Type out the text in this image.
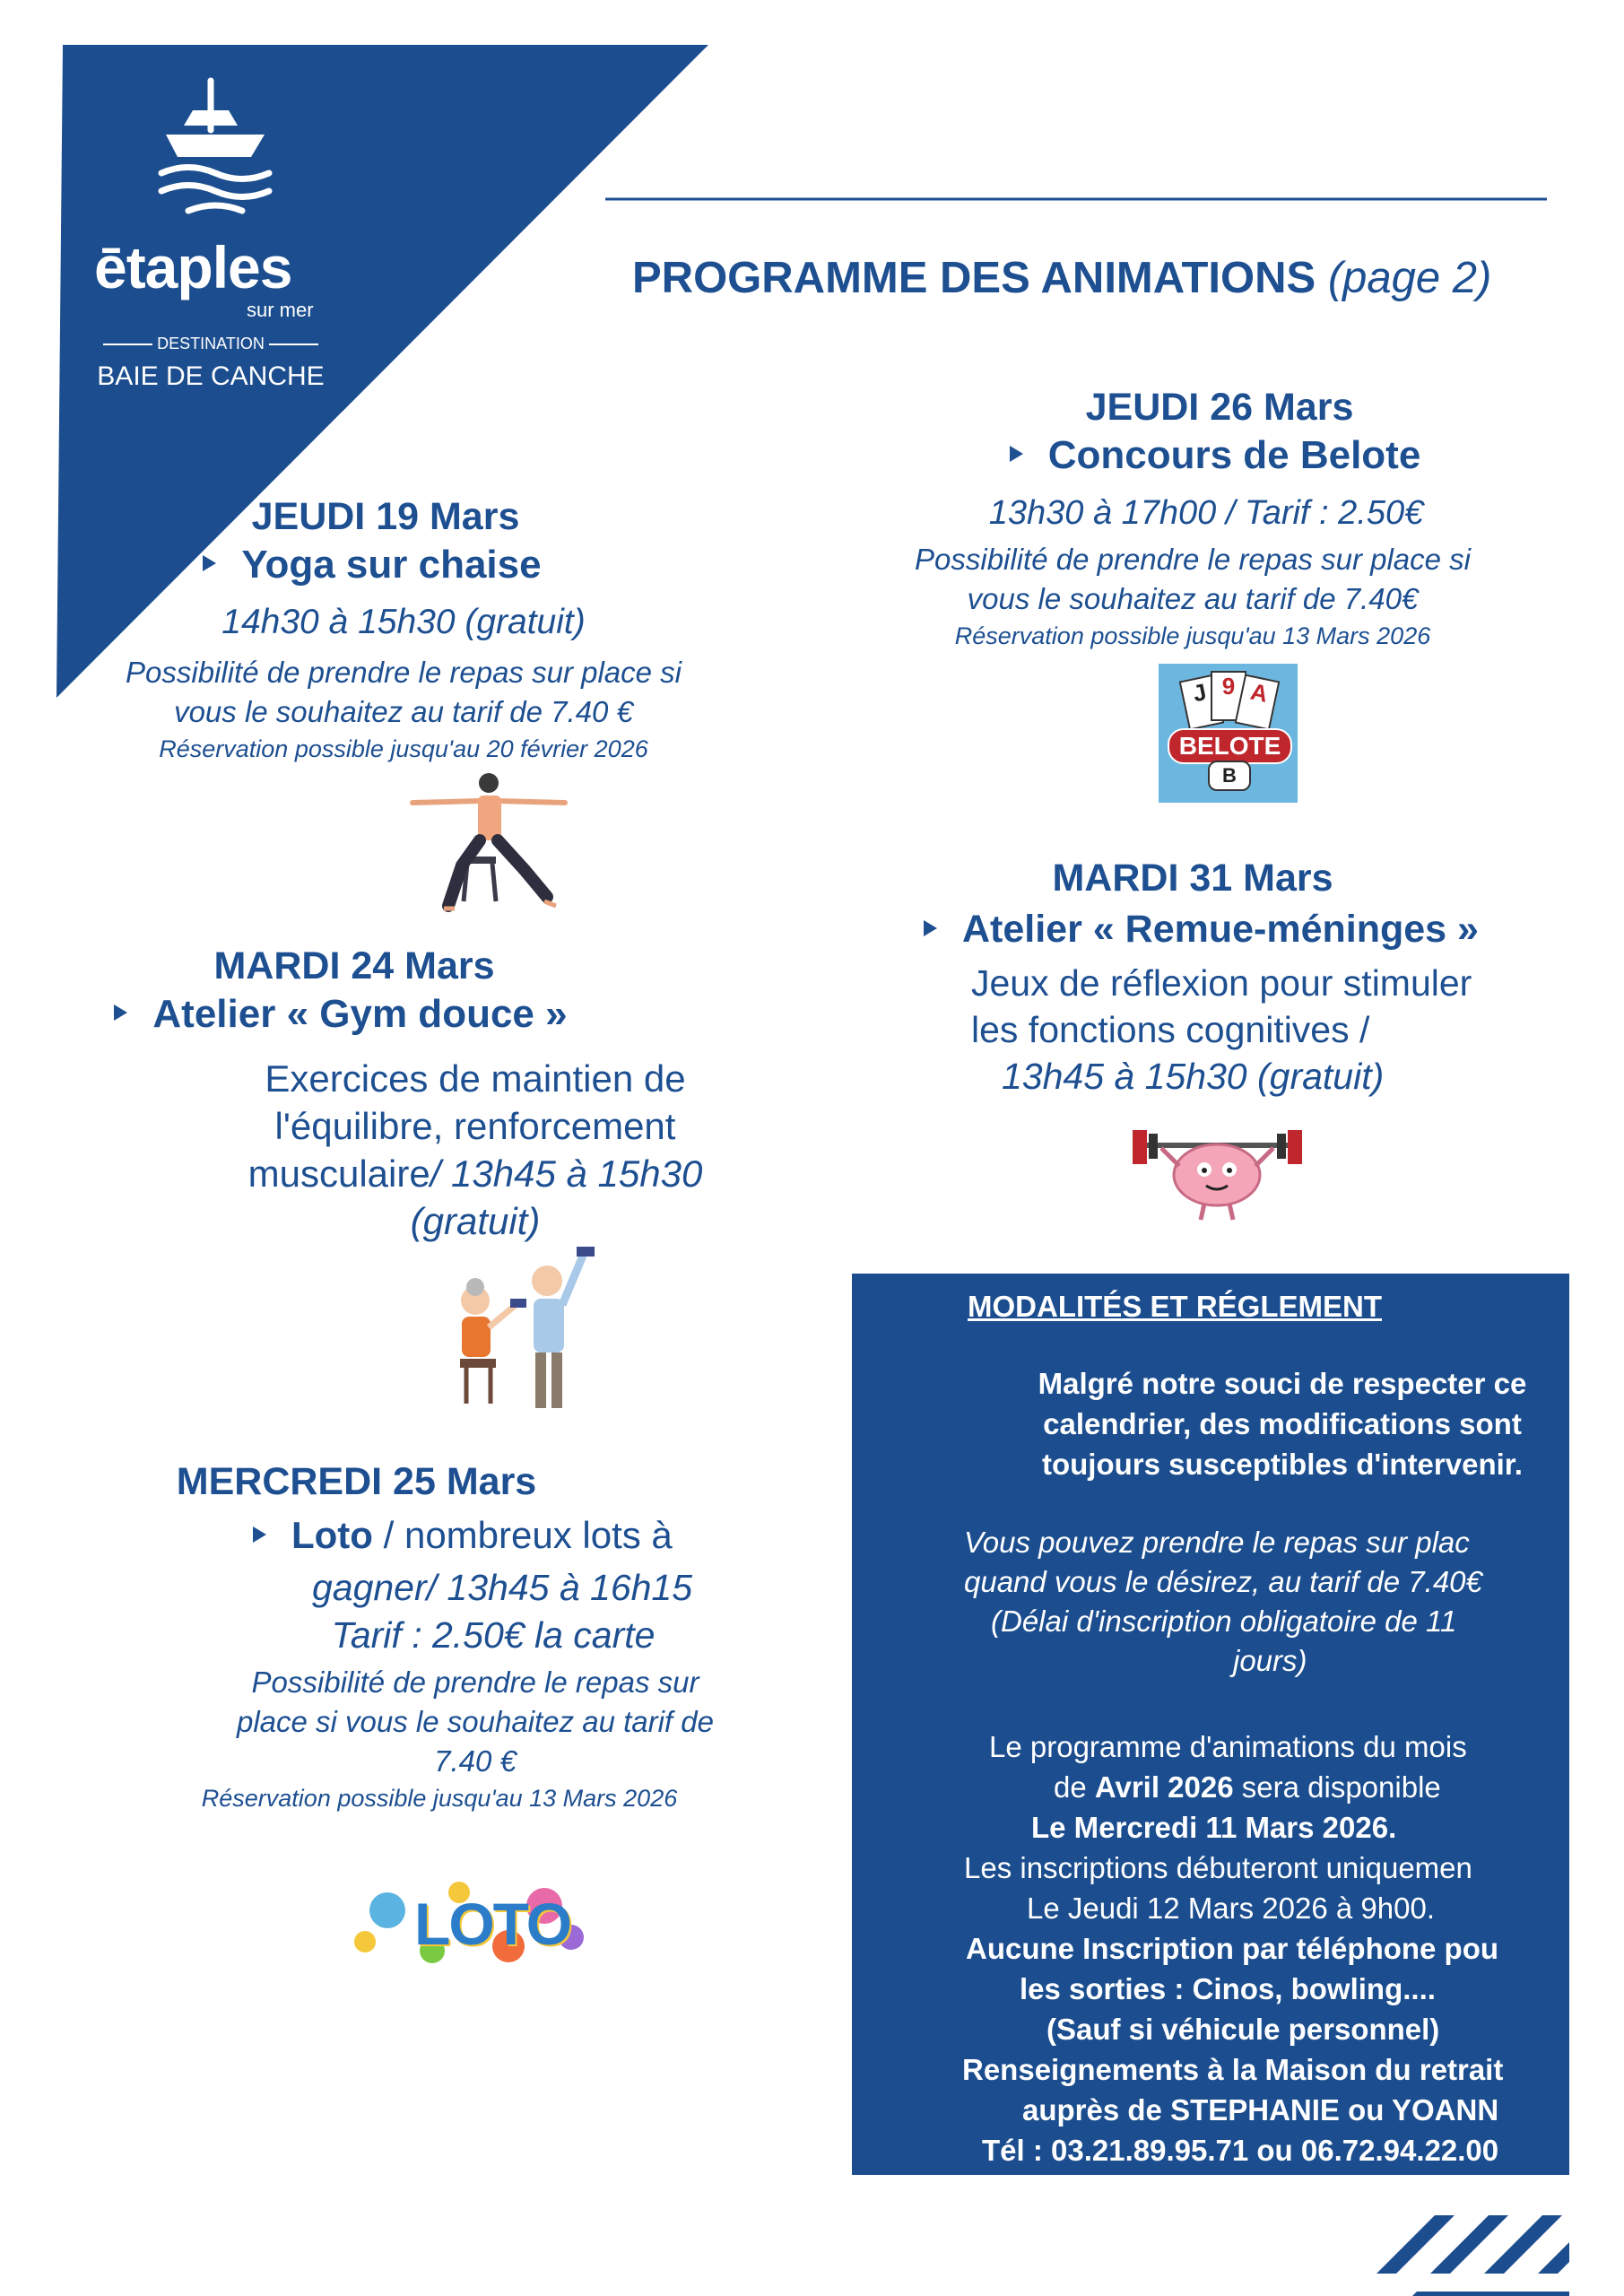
ētaples
sur mer
DESTINATION
BAIE DE CANCHE
PROGRAMME DES ANIMATIONS (page 2)
JEUDI 19 Mars
Yoga sur chaise
14h30 à 15h30 (gratuit)
Possibilité de prendre le repas sur place si
vous le souhaitez au tarif de 7.40 €
Réservation possible jusqu'au 20 février 2026
MARDI 24 Mars
Atelier « Gym douce »
Exercices de maintien de
l'équilibre, renforcement
musculaire/ 13h45 à 15h30
(gratuit)
MERCREDI 25 Mars
Loto / nombreux lots à
gagner/ 13h45 à 16h15
Tarif : 2.50€ la carte
Possibilité de prendre le repas sur
place si vous le souhaitez au tarif de
7.40 €
Réservation possible jusqu'au 13 Mars 2026
LOTO
JEUDI 26 Mars
Concours de Belote
13h30 à 17h00 / Tarif : 2.50€
Possibilité de prendre le repas sur place si
vous le souhaitez au tarif de 7.40€
Réservation possible jusqu'au 13 Mars 2026
J 9 A
BELOTE
B
MARDI 31 Mars
Atelier « Remue-méninges »
Jeux de réflexion pour stimuler
les fonctions cognitives /
13h45 à 15h30 (gratuit)
MODALITÉS ET RÉGLEMENT

Malgré notre souci de respecter ce

calendrier, des modifications sont

toujours susceptibles d'intervenir.

Vous pouvez prendre le repas sur plac

quand vous le désirez, au tarif de 7.40€

(Délai d'inscription obligatoire de 11

jours)

Le programme d'animations du mois

de Avril 2026 sera disponible

Le Mercredi 11 Mars 2026.

Les inscriptions débuteront uniquemen

Le Jeudi 12 Mars 2026 à 9h00.

Aucune Inscription par téléphone pou

les sorties : Cinos, bowling....

(Sauf si véhicule personnel)

Renseignements à la Maison du retrait

auprès de STEPHANIE ou YOANN

Tél : 03.21.89.95.71 ou 06.72.94.22.00
